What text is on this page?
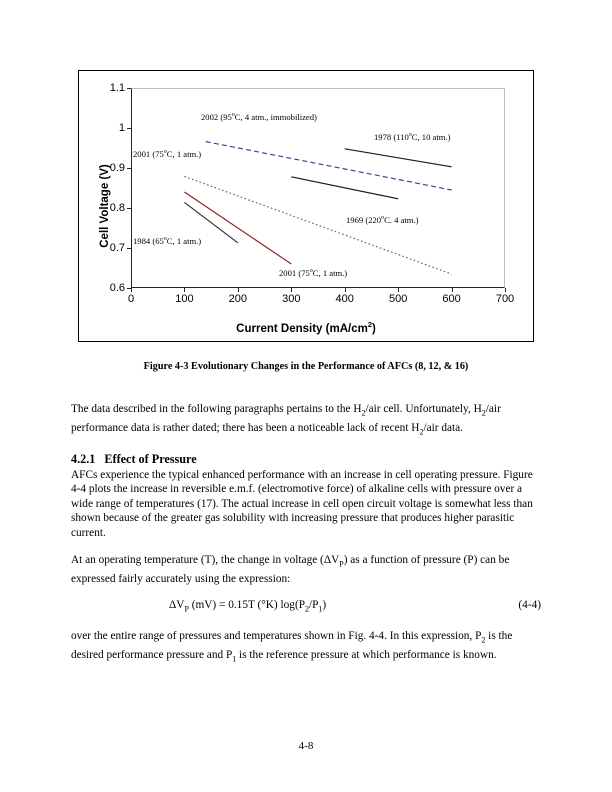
Cell Voltage (V)
Current Density $(mA/cm^2)$
0.6
0.7
0.8
0.9
1
1.1
0	100	200	300	400	500	600	700
2002 (95$^o$C, 4 atm., immobilized)
2001 (75$^o$C, 1 atm.)
1984 (65$^o$C, 1 atm.)
2001 (75$^o$C, 1 atm.)
1978 (110$^o$C, 10 atm.)
1969 (220$^o$C. 4 atm.)
Figure 4-3 Evolutionary Changes in the Performance of AFCs (8, 12, & 16)

The data described in the following paragraphs pertains to the $H_2$/air cell. Unfortunately, $H_2$/air performance data is rather dated; there has been a noticeable lack of recent $H_2$/air data.

4.2.1 Effect of Pressure

AFCs experience the typical enhanced performance with an increase in cell operating pressure. Figure 4-4 plots the increase in reversible e.m.f. (electromotive force) of alkaline cells with pressure over a wide range of temperatures (17). The actual increase in cell open circuit voltage is somewhat less than shown because of the greater gas solubility with increasing pressure that produces higher parasitic current.

At an operating temperature (T), the change in voltage $(\Delta V_P)$ as a function of pressure (P) can be expressed fairly accurately using the expression:

$\Delta V_P$ (mV) = 0.15T (°K) $\log(P_2/P_1)$	(4-4)

over the entire range of pressures and temperatures shown in Fig. 4-4. In this expression, $P_2$ is the desired performance pressure and $P_1$ is the reference pressure at which performance is known.

4-8
